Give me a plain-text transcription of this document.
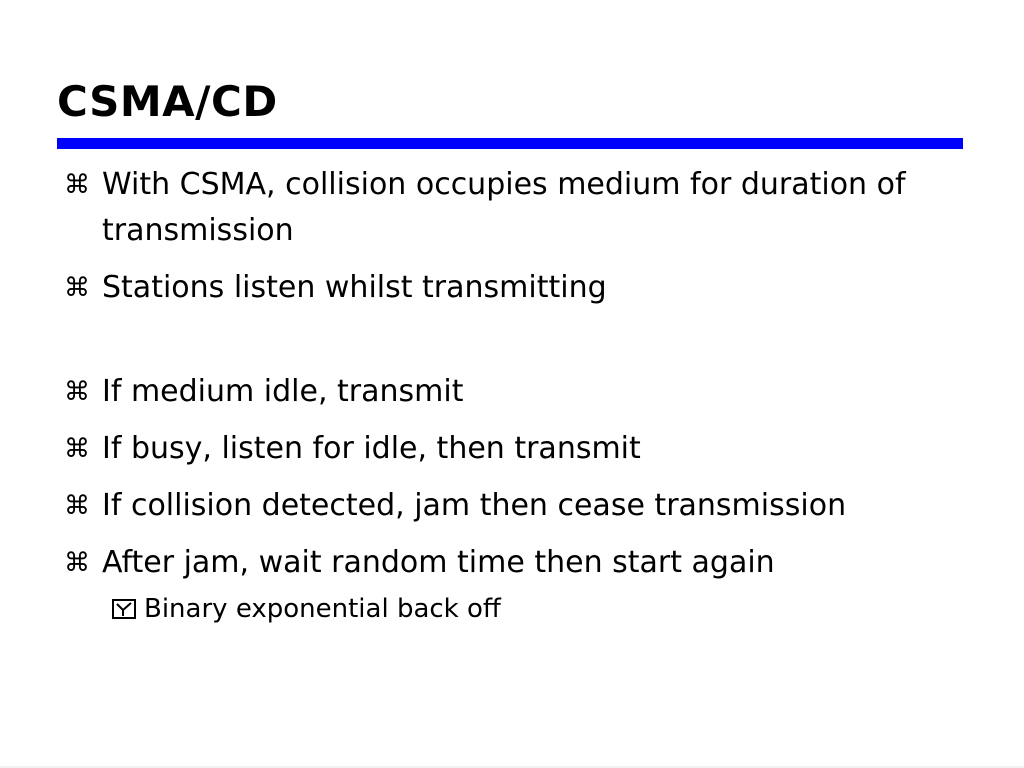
CSMA/CD
⌘ With CSMA, collision occupies medium for duration of transmission
⌘ Stations listen whilst transmitting
⌘ If medium idle, transmit
⌘ If busy, listen for idle, then transmit
⌘ If collision detected, jam then cease transmission
⌘ After jam, wait random time then start again
Binary exponential back off
